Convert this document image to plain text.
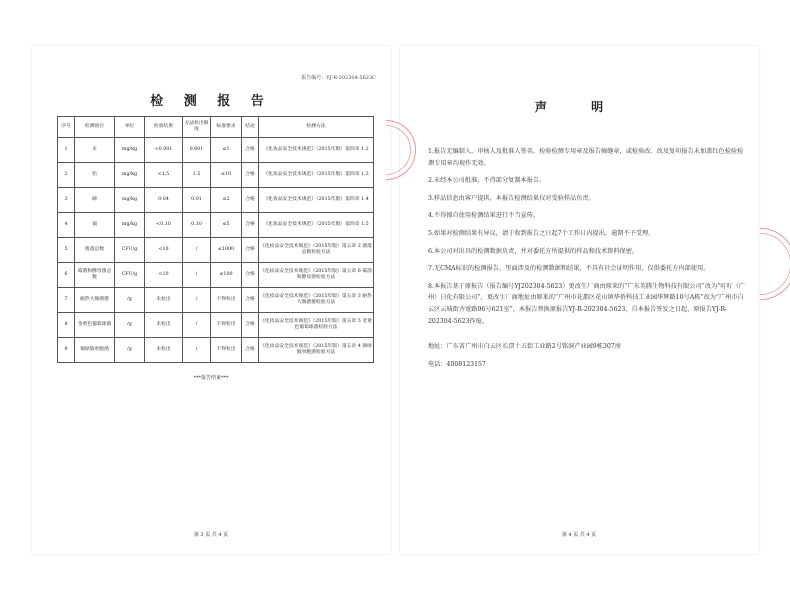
报告编号：YJ-R-202304-5623C
检 测 报 告
序号	检测项目	单位	检验结果	方法检出限度	标准要求	结论	检测方法
1	汞	mg/kg	<0.001	0.001	≤1	合格	《化妆品安全技术规范》（2015年版）第四章 1.2
2	铅	mg/kg	<1.5	1.5	≤10	合格	《化妆品安全技术规范》（2015年版）第四章 1.3
3	砷	mg/kg	0.04	0.01	≤2	合格	《化妆品安全技术规范》（2015年版）第四章 1.4
4	镉	mg/kg	<0.10	0.10	≤5	合格	《化妆品安全技术规范》（2015年版）第四章 1.5
5	菌落总数	CFU/g	<10	/	≤1000	合格	《化妆品安全技术规范》（2015年版）第五章 2 菌落总数检验方法
6	霉菌和酵母菌总数	CFU/g	<10	/	≤100	合格	《化妆品安全技术规范》（2015年版）第五章 6 霉菌和酵母菌检验方法
7	耐热大肠菌群	/g	未检出	/	不得检出	合格	《化妆品安全技术规范》（2015年版）第五章 3 耐热大肠菌群检验方法
8	金黄色葡萄球菌	/g	未检出	/	不得检出	合格	《化妆品安全技术规范》（2015年版）第五章 5 金黄色葡萄球菌检验方法
9	铜绿假单胞菌	/g	未检出	/	不得检出	合格	《化妆品安全技术规范》（2015年版）第五章 4 铜绿假单胞菌检验方法
***报告结束***
第 3 页 共 4 页
声 明

1.报告无编制人、审核人及批准人签名、检验检测专用章及报告骑缝章，或检验改、改及复印报告未加盖红色检验检测专用章均视作无效。

2.未经本公司批准，不得部分复制本报告。

3.样品信息由客户提供，本报告检测结果仅对受验样品负责。

4.不得擅自使用检测结果进行不当宣传。

5.如果对检测结果有异议，请于收到报告之日起7个工作日内提出，逾期不予受理。

6.本公司对出具的检测数据负责，并对委托方所提供的样品和技术资料保密。

7.无CMA标识的检测报告，里面涉及的检测数据和结果，不具有社会证明作用，仅供委托方内部使用。

8.本报告基于原报告（报告编号YJ202304-5623）更改生厂商由原来的“广东英腾生物科技有限公司”改为“叮叮（广州）日化有限公司”，更改生厂商地址由原来的“广州市花都区花山镇华侨科技工业园华辉路10号A栋”改为“广州市白云区云城街齐宽路96号621室”，本报告替换原报告YJ-R-202304-5623，自本报告签发之日起，原报告YJ-R-202304-5623作废。

地址：广东省广州市白云区长滘十五街工业路2号铭洞产业园9栋307房

电话：4008123157

第 4 页 共 4 页
